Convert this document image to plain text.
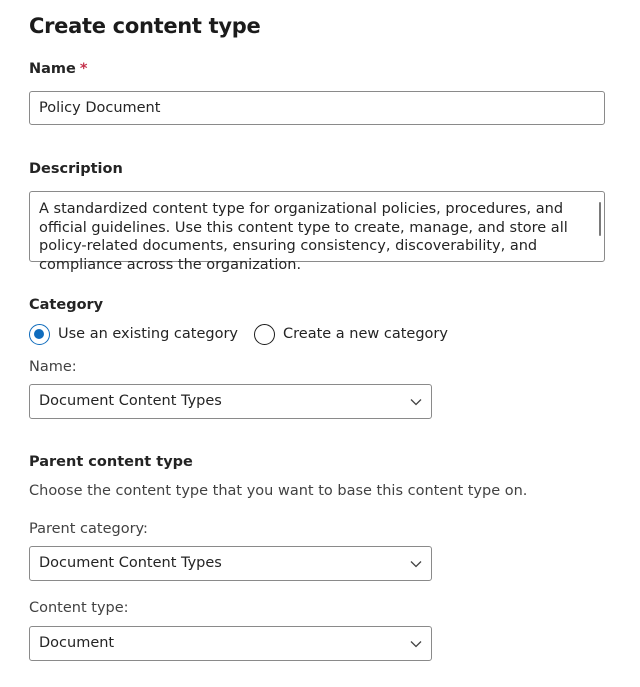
Create content type
Name *
Policy Document
Description
A standardized content type for organizational policies, procedures, and official guidelines. Use this content type to create, manage, and store all policy-related documents, ensuring consistency, discoverability, and compliance across the organization.
Category
Use an existing category	Create a new category
Name:
Document Content Types
Parent content type
Choose the content type that you want to base this content type on.
Parent category:
Document Content Types
Content type:
Document
